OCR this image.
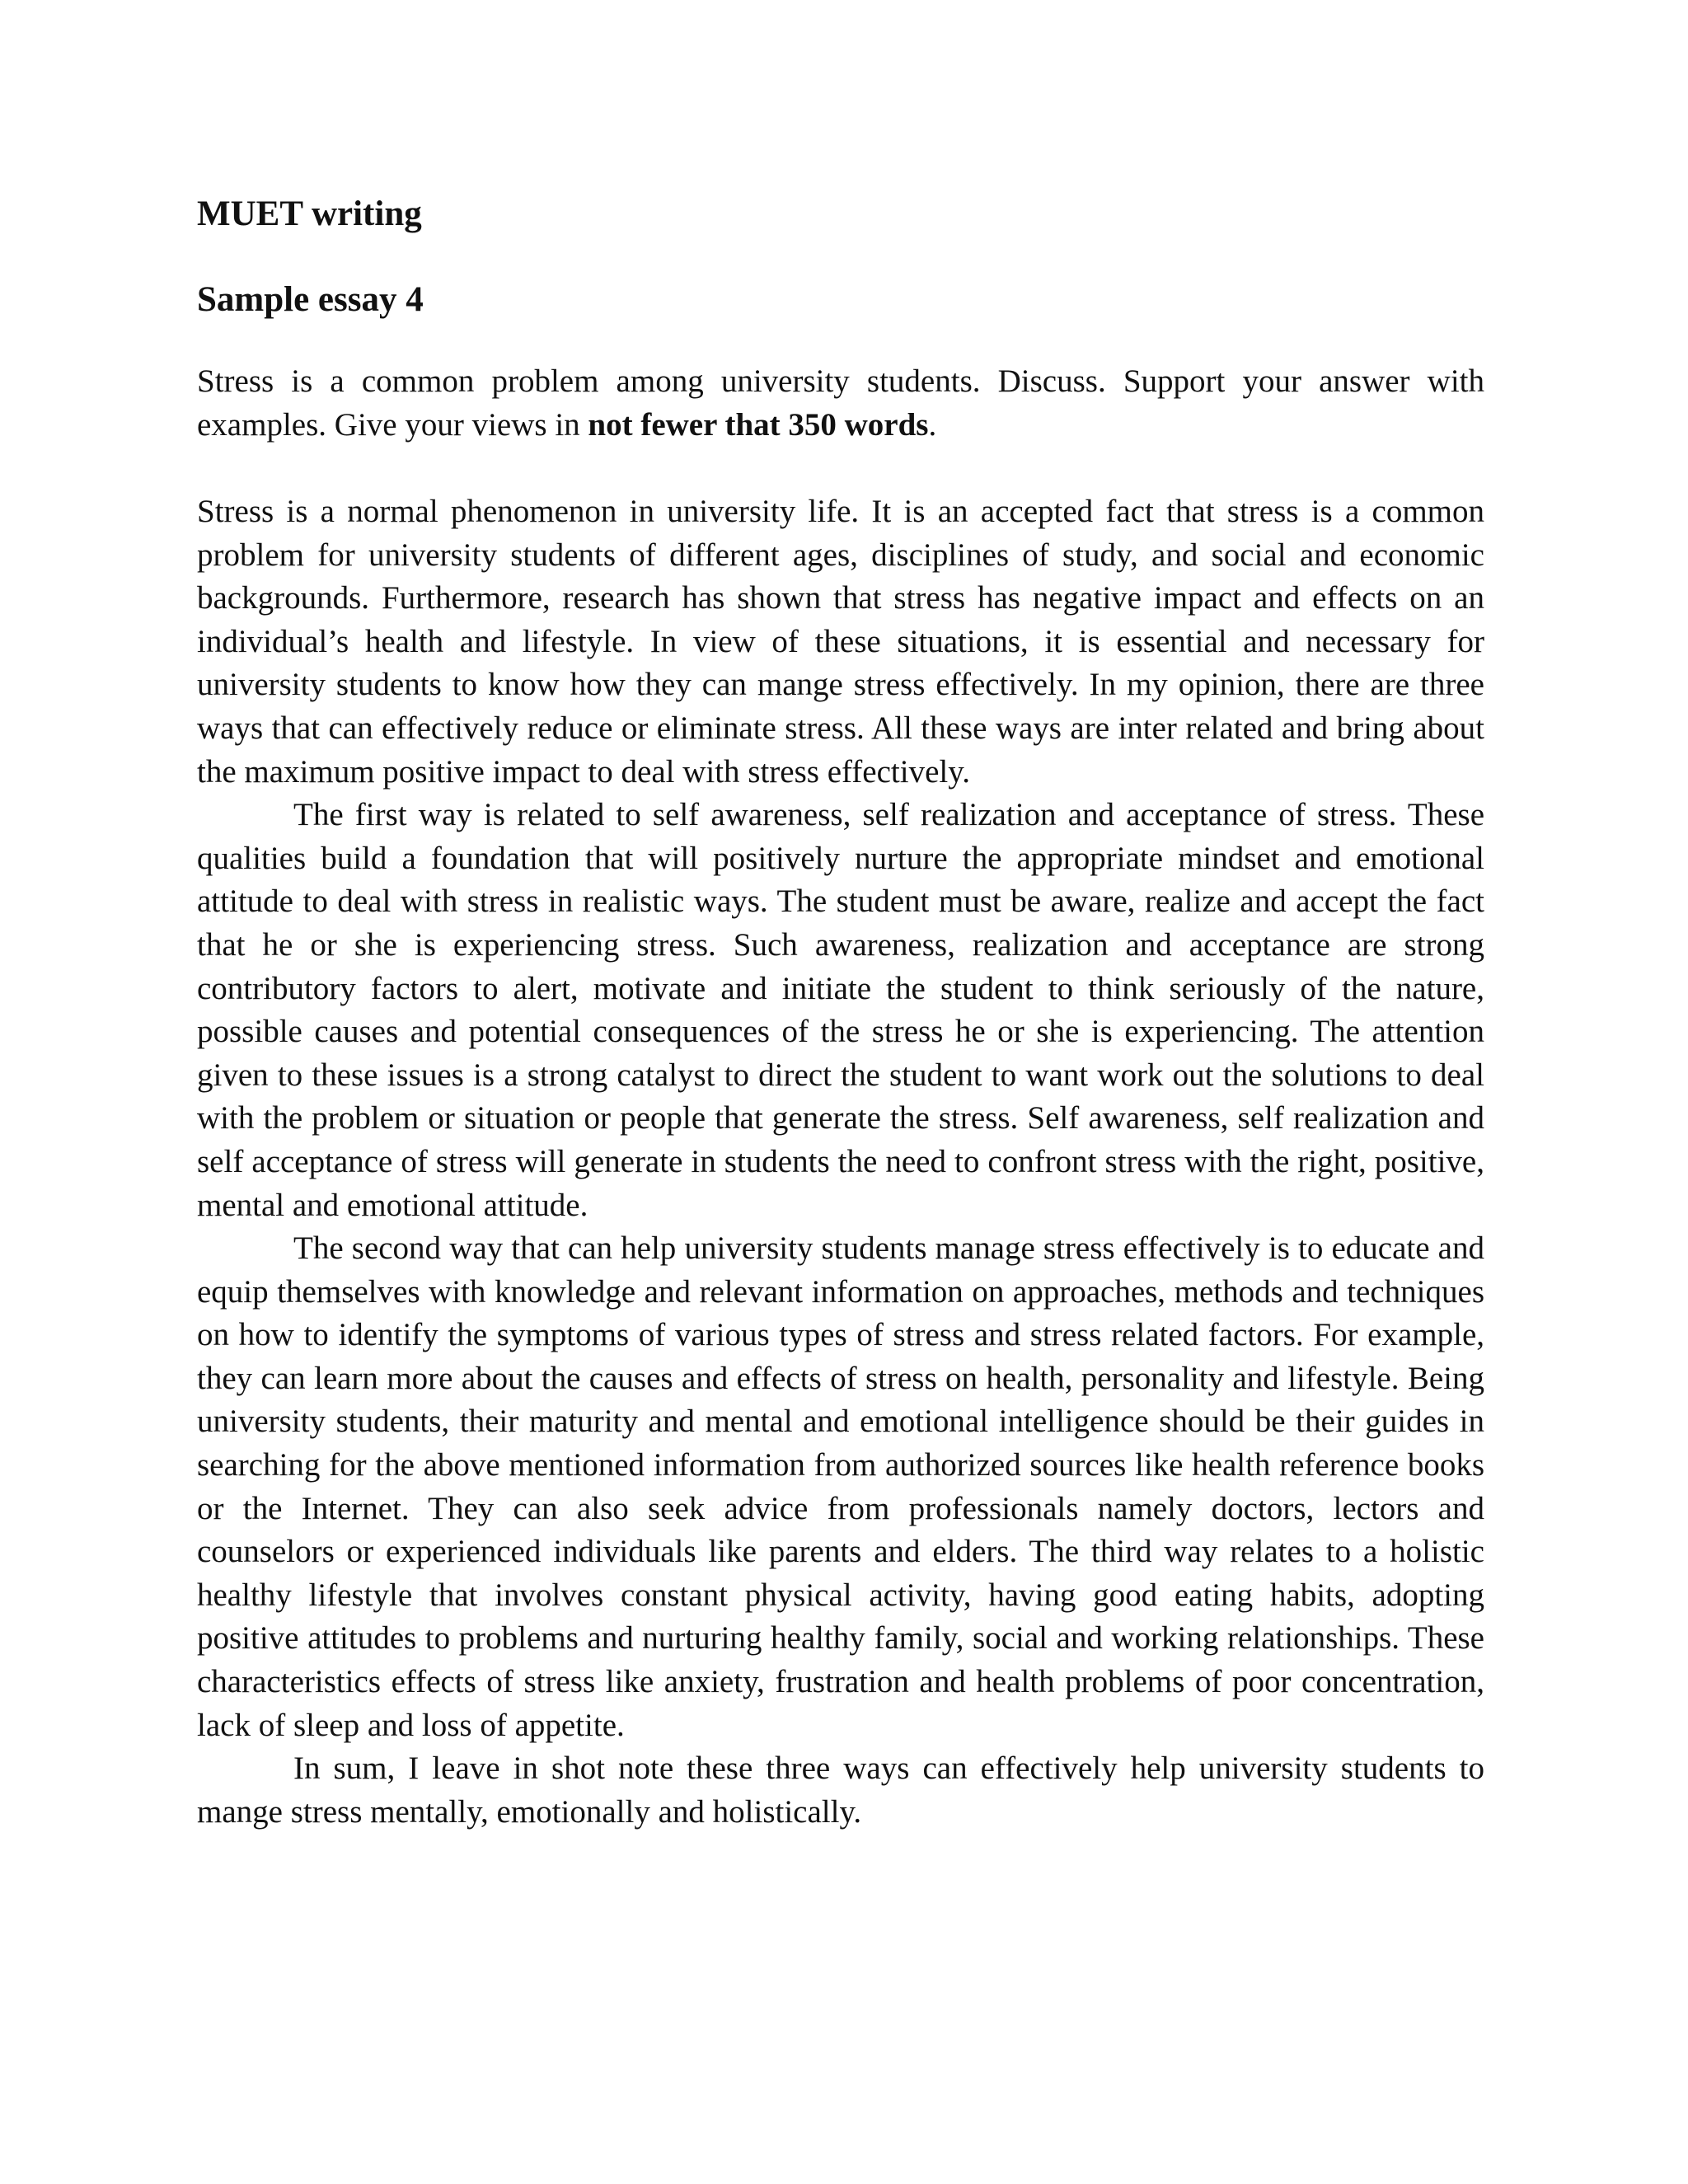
MUET writing
Sample essay 4
Stress is a common problem among university students. Discuss. Support your answer with examples. Give your views in not fewer that 350 words.

Stress is a normal phenomenon in university life. It is an accepted fact that stress is a common problem for university students of different ages, disciplines of study, and social and economic backgrounds. Furthermore, research has shown that stress has negative impact and effects on an individual’s health and lifestyle. In view of these situations, it is essential and necessary for university students to know how they can mange stress effectively. In my opinion, there are three ways that can effectively reduce or eliminate stress. All these ways are inter related and bring about the maximum positive impact to deal with stress effectively.

The first way is related to self awareness, self realization and acceptance of stress. These qualities build a foundation that will positively nurture the appropriate mindset and emotional attitude to deal with stress in realistic ways. The student must be aware, realize and accept the fact that he or she is experiencing stress. Such awareness, realization and acceptance are strong contributory factors to alert, motivate and initiate the student to think seriously of the nature, possible causes and potential consequences of the stress he or she is experiencing. The attention given to these issues is a strong catalyst to direct the student to want work out the solutions to deal with the problem or situation or people that generate the stress. Self awareness, self realization and self acceptance of stress will generate in students the need to confront stress with the right, positive, mental and emotional attitude.

The second way that can help university students manage stress effectively is to educate and equip themselves with knowledge and relevant information on approaches, methods and techniques on how to identify the symptoms of various types of stress and stress related factors. For example, they can learn more about the causes and effects of stress on health, personality and lifestyle. Being university students, their maturity and mental and emotional intelligence should be their guides in searching for the above mentioned information from authorized sources like health reference books or the Internet. They can also seek advice from professionals namely doctors, lectors and counselors or experienced individuals like parents and elders. The third way relates to a holistic healthy lifestyle that involves constant physical activity, having good eating habits, adopting positive attitudes to problems and nurturing healthy family, social and working relationships. These characteristics effects of stress like anxiety, frustration and health problems of poor concentration, lack of sleep and loss of appetite.

In sum, I leave in shot note these three ways can effectively help university students to mange stress mentally, emotionally and holistically.
